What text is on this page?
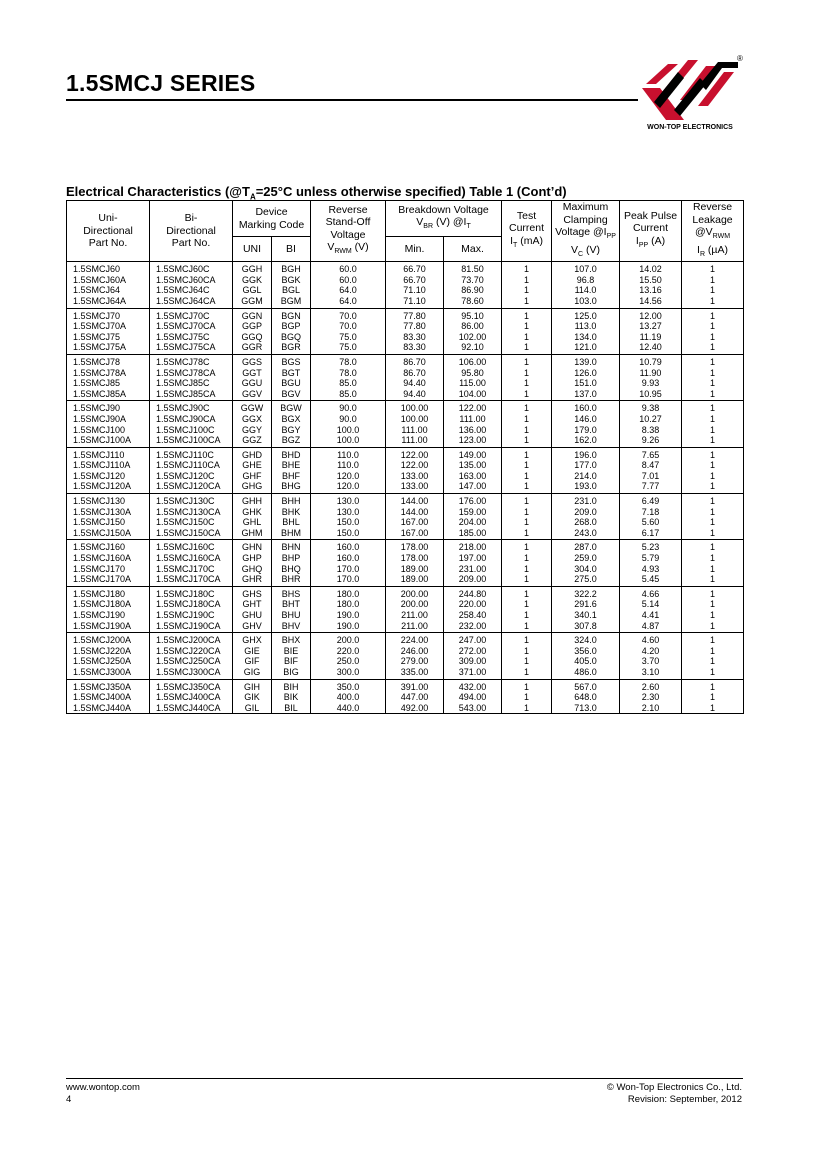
1.5SMCJ SERIES
WON-TOP ELECTRONICS
®
Electrical Characteristics ($@T_A=25^\circ C$ unless otherwise specified) Table 1 (Cont’d)
Uni-
Directional
Part No.	Bi-
Directional
Part No.	Device
Marking Code		Reverse
Stand-Off
Voltage
$V_{RWM}$ (V)	Breakdown Voltage
$V_{BR}$ (V) $@I_T$		Test
Current
$I_T$ (mA)	Maximum
Clamping
Voltage $@I_{PP}$
$V_C$ (V)	Peak Pulse
Current
$I_{PP}$ (A)	Reverse
Leakage
$@V_{RWM}$
$I_R$ (µA)
		UNI	BI		Min.	Max.				
1.5SMCJ60	1.5SMCJ60C	GGH	BGH	60.0	66.70	81.50	1	107.0	14.02	1
1.5SMCJ60A	1.5SMCJ60CA	GGK	BGK	60.0	66.70	73.70	1	96.8	15.50	1
1.5SMCJ64	1.5SMCJ64C	GGL	BGL	64.0	71.10	86.90	1	114.0	13.16	1
1.5SMCJ64A	1.5SMCJ64CA	GGM	BGM	64.0	71.10	78.60	1	103.0	14.56	1
1.5SMCJ70	1.5SMCJ70C	GGN	BGN	70.0	77.80	95.10	1	125.0	12.00	1
1.5SMCJ70A	1.5SMCJ70CA	GGP	BGP	70.0	77.80	86.00	1	113.0	13.27	1
1.5SMCJ75	1.5SMCJ75C	GGQ	BGQ	75.0	83.30	102.00	1	134.0	11.19	1
1.5SMCJ75A	1.5SMCJ75CA	GGR	BGR	75.0	83.30	92.10	1	121.0	12.40	1
1.5SMCJ78	1.5SMCJ78C	GGS	BGS	78.0	86.70	106.00	1	139.0	10.79	1
1.5SMCJ78A	1.5SMCJ78CA	GGT	BGT	78.0	86.70	95.80	1	126.0	11.90	1
1.5SMCJ85	1.5SMCJ85C	GGU	BGU	85.0	94.40	115.00	1	151.0	9.93	1
1.5SMCJ85A	1.5SMCJ85CA	GGV	BGV	85.0	94.40	104.00	1	137.0	10.95	1
1.5SMCJ90	1.5SMCJ90C	GGW	BGW	90.0	100.00	122.00	1	160.0	9.38	1
1.5SMCJ90A	1.5SMCJ90CA	GGX	BGX	90.0	100.00	111.00	1	146.0	10.27	1
1.5SMCJ100	1.5SMCJ100C	GGY	BGY	100.0	111.00	136.00	1	179.0	8.38	1
1.5SMCJ100A	1.5SMCJ100CA	GGZ	BGZ	100.0	111.00	123.00	1	162.0	9.26	1
1.5SMCJ110	1.5SMCJ110C	GHD	BHD	110.0	122.00	149.00	1	196.0	7.65	1
1.5SMCJ110A	1.5SMCJ110CA	GHE	BHE	110.0	122.00	135.00	1	177.0	8.47	1
1.5SMCJ120	1.5SMCJ120C	GHF	BHF	120.0	133.00	163.00	1	214.0	7.01	1
1.5SMCJ120A	1.5SMCJ120CA	GHG	BHG	120.0	133.00	147.00	1	193.0	7.77	1
1.5SMCJ130	1.5SMCJ130C	GHH	BHH	130.0	144.00	176.00	1	231.0	6.49	1
1.5SMCJ130A	1.5SMCJ130CA	GHK	BHK	130.0	144.00	159.00	1	209.0	7.18	1
1.5SMCJ150	1.5SMCJ150C	GHL	BHL	150.0	167.00	204.00	1	268.0	5.60	1
1.5SMCJ150A	1.5SMCJ150CA	GHM	BHM	150.0	167.00	185.00	1	243.0	6.17	1
1.5SMCJ160	1.5SMCJ160C	GHN	BHN	160.0	178.00	218.00	1	287.0	5.23	1
1.5SMCJ160A	1.5SMCJ160CA	GHP	BHP	160.0	178.00	197.00	1	259.0	5.79	1
1.5SMCJ170	1.5SMCJ170C	GHQ	BHQ	170.0	189.00	231.00	1	304.0	4.93	1
1.5SMCJ170A	1.5SMCJ170CA	GHR	BHR	170.0	189.00	209.00	1	275.0	5.45	1
1.5SMCJ180	1.5SMCJ180C	GHS	BHS	180.0	200.00	244.80	1	322.2	4.66	1
1.5SMCJ180A	1.5SMCJ180CA	GHT	BHT	180.0	200.00	220.00	1	291.6	5.14	1
1.5SMCJ190	1.5SMCJ190C	GHU	BHU	190.0	211.00	258.40	1	340.1	4.41	1
1.5SMCJ190A	1.5SMCJ190CA	GHV	BHV	190.0	211.00	232.00	1	307.8	4.87	1
1.5SMCJ200A	1.5SMCJ200CA	GHX	BHX	200.0	224.00	247.00	1	324.0	4.60	1
1.5SMCJ220A	1.5SMCJ220CA	GIE	BIE	220.0	246.00	272.00	1	356.0	4.20	1
1.5SMCJ250A	1.5SMCJ250CA	GIF	BIF	250.0	279.00	309.00	1	405.0	3.70	1
1.5SMCJ300A	1.5SMCJ300CA	GIG	BIG	300.0	335.00	371.00	1	486.0	3.10	1
1.5SMCJ350A	1.5SMCJ350CA	GIH	BIH	350.0	391.00	432.00	1	567.0	2.60	1
1.5SMCJ400A	1.5SMCJ400CA	GIK	BIK	400.0	447.00	494.00	1	648.0	2.30	1
1.5SMCJ440A	1.5SMCJ440CA	GIL	BIL	440.0	492.00	543.00	1	713.0	2.10	1
www.wontop.com
4
© Won-Top Electronics Co., Ltd.
Revision: September, 2012
